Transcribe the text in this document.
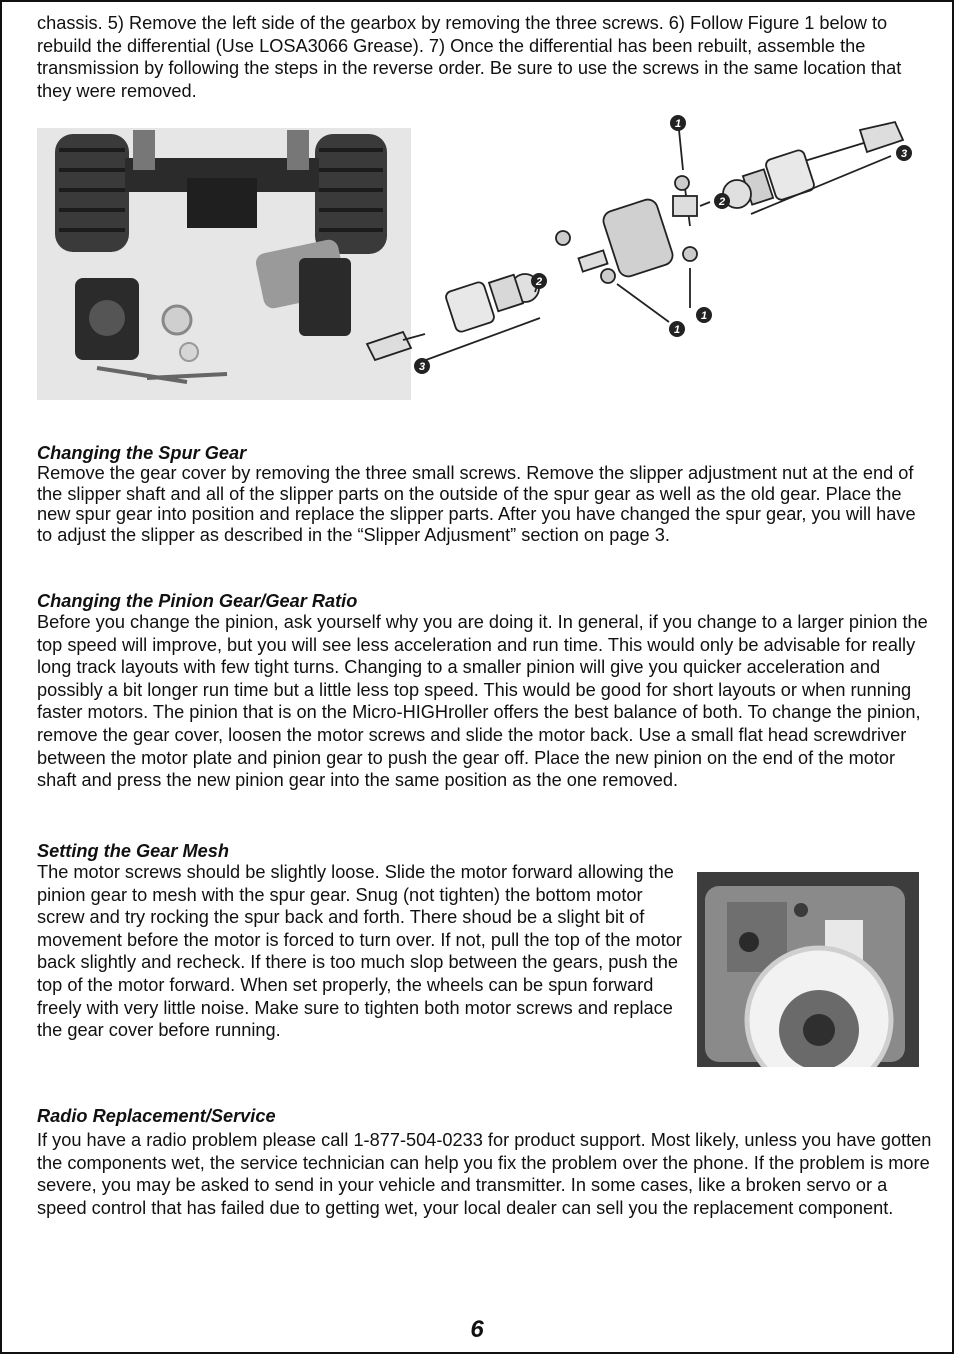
chassis. 5) Remove the left side of the gearbox by removing the three screws. 6) Follow Figure 1 below to rebuild the differential (Use LOSA3066 Grease). 7) Once the differential has been rebuilt, assemble the transmission by following the steps in the reverse order. Be sure to use the screws in the same location that they were removed.

1
2
3
2
1
1
3

Changing the Spur Gear

Remove the gear cover by removing the three small screws. Remove the slipper adjustment nut at the end of the slipper shaft and all of the slipper parts on the outside of the spur gear as well as the old gear. Place the new spur gear into position and replace the slipper parts. After you have changed the spur gear, you will have to adjust the slipper as described in the “Slipper Adjusment” section on page 3.

Changing the Pinion Gear/Gear Ratio

Before you change the pinion, ask yourself why you are doing it. In general, if you change to a larger pinion the top speed will improve, but you will see less acceleration and run time. This would only be advisable for really long track layouts with few tight turns. Changing to a smaller pinion will give you quicker acceleration and possibly a bit longer run time but a little less top speed. This would be good for short layouts or when running faster motors. The pinion that is on the Micro-HIGHroller offers the best balance of both. To change the pinion, remove the gear cover, loosen the motor screws and slide the motor back. Use a small flat head screwdriver between the motor plate and pinion gear to push the gear off. Place the new pinion on the end of the motor shaft and press the new pinion gear into the same position as the one removed.

Setting the Gear Mesh

The motor screws should be slightly loose. Slide the motor forward allowing the pinion gear to mesh with the spur gear. Snug (not tighten) the bottom motor screw and try rocking the spur back and forth. There shoud be a slight bit of movement before the motor is forced to turn over. If not, pull the top of the motor back slightly and recheck. If there is too much slop between the gears, push the top of the motor forward. When set properly, the wheels can be spun forward freely with very little noise. Make sure to tighten both motor screws and replace the gear cover before running.

Radio Replacement/Service

If you have a radio problem please call 1-877-504-0233 for product support. Most likely, unless you have gotten the components wet, the service technician can help you fix the problem over the phone. If the problem is more severe, you may be asked to send in your vehicle and transmitter. In some cases, like a broken servo or a speed control that has failed due to getting wet, your local dealer can sell you the replacement component.

6
